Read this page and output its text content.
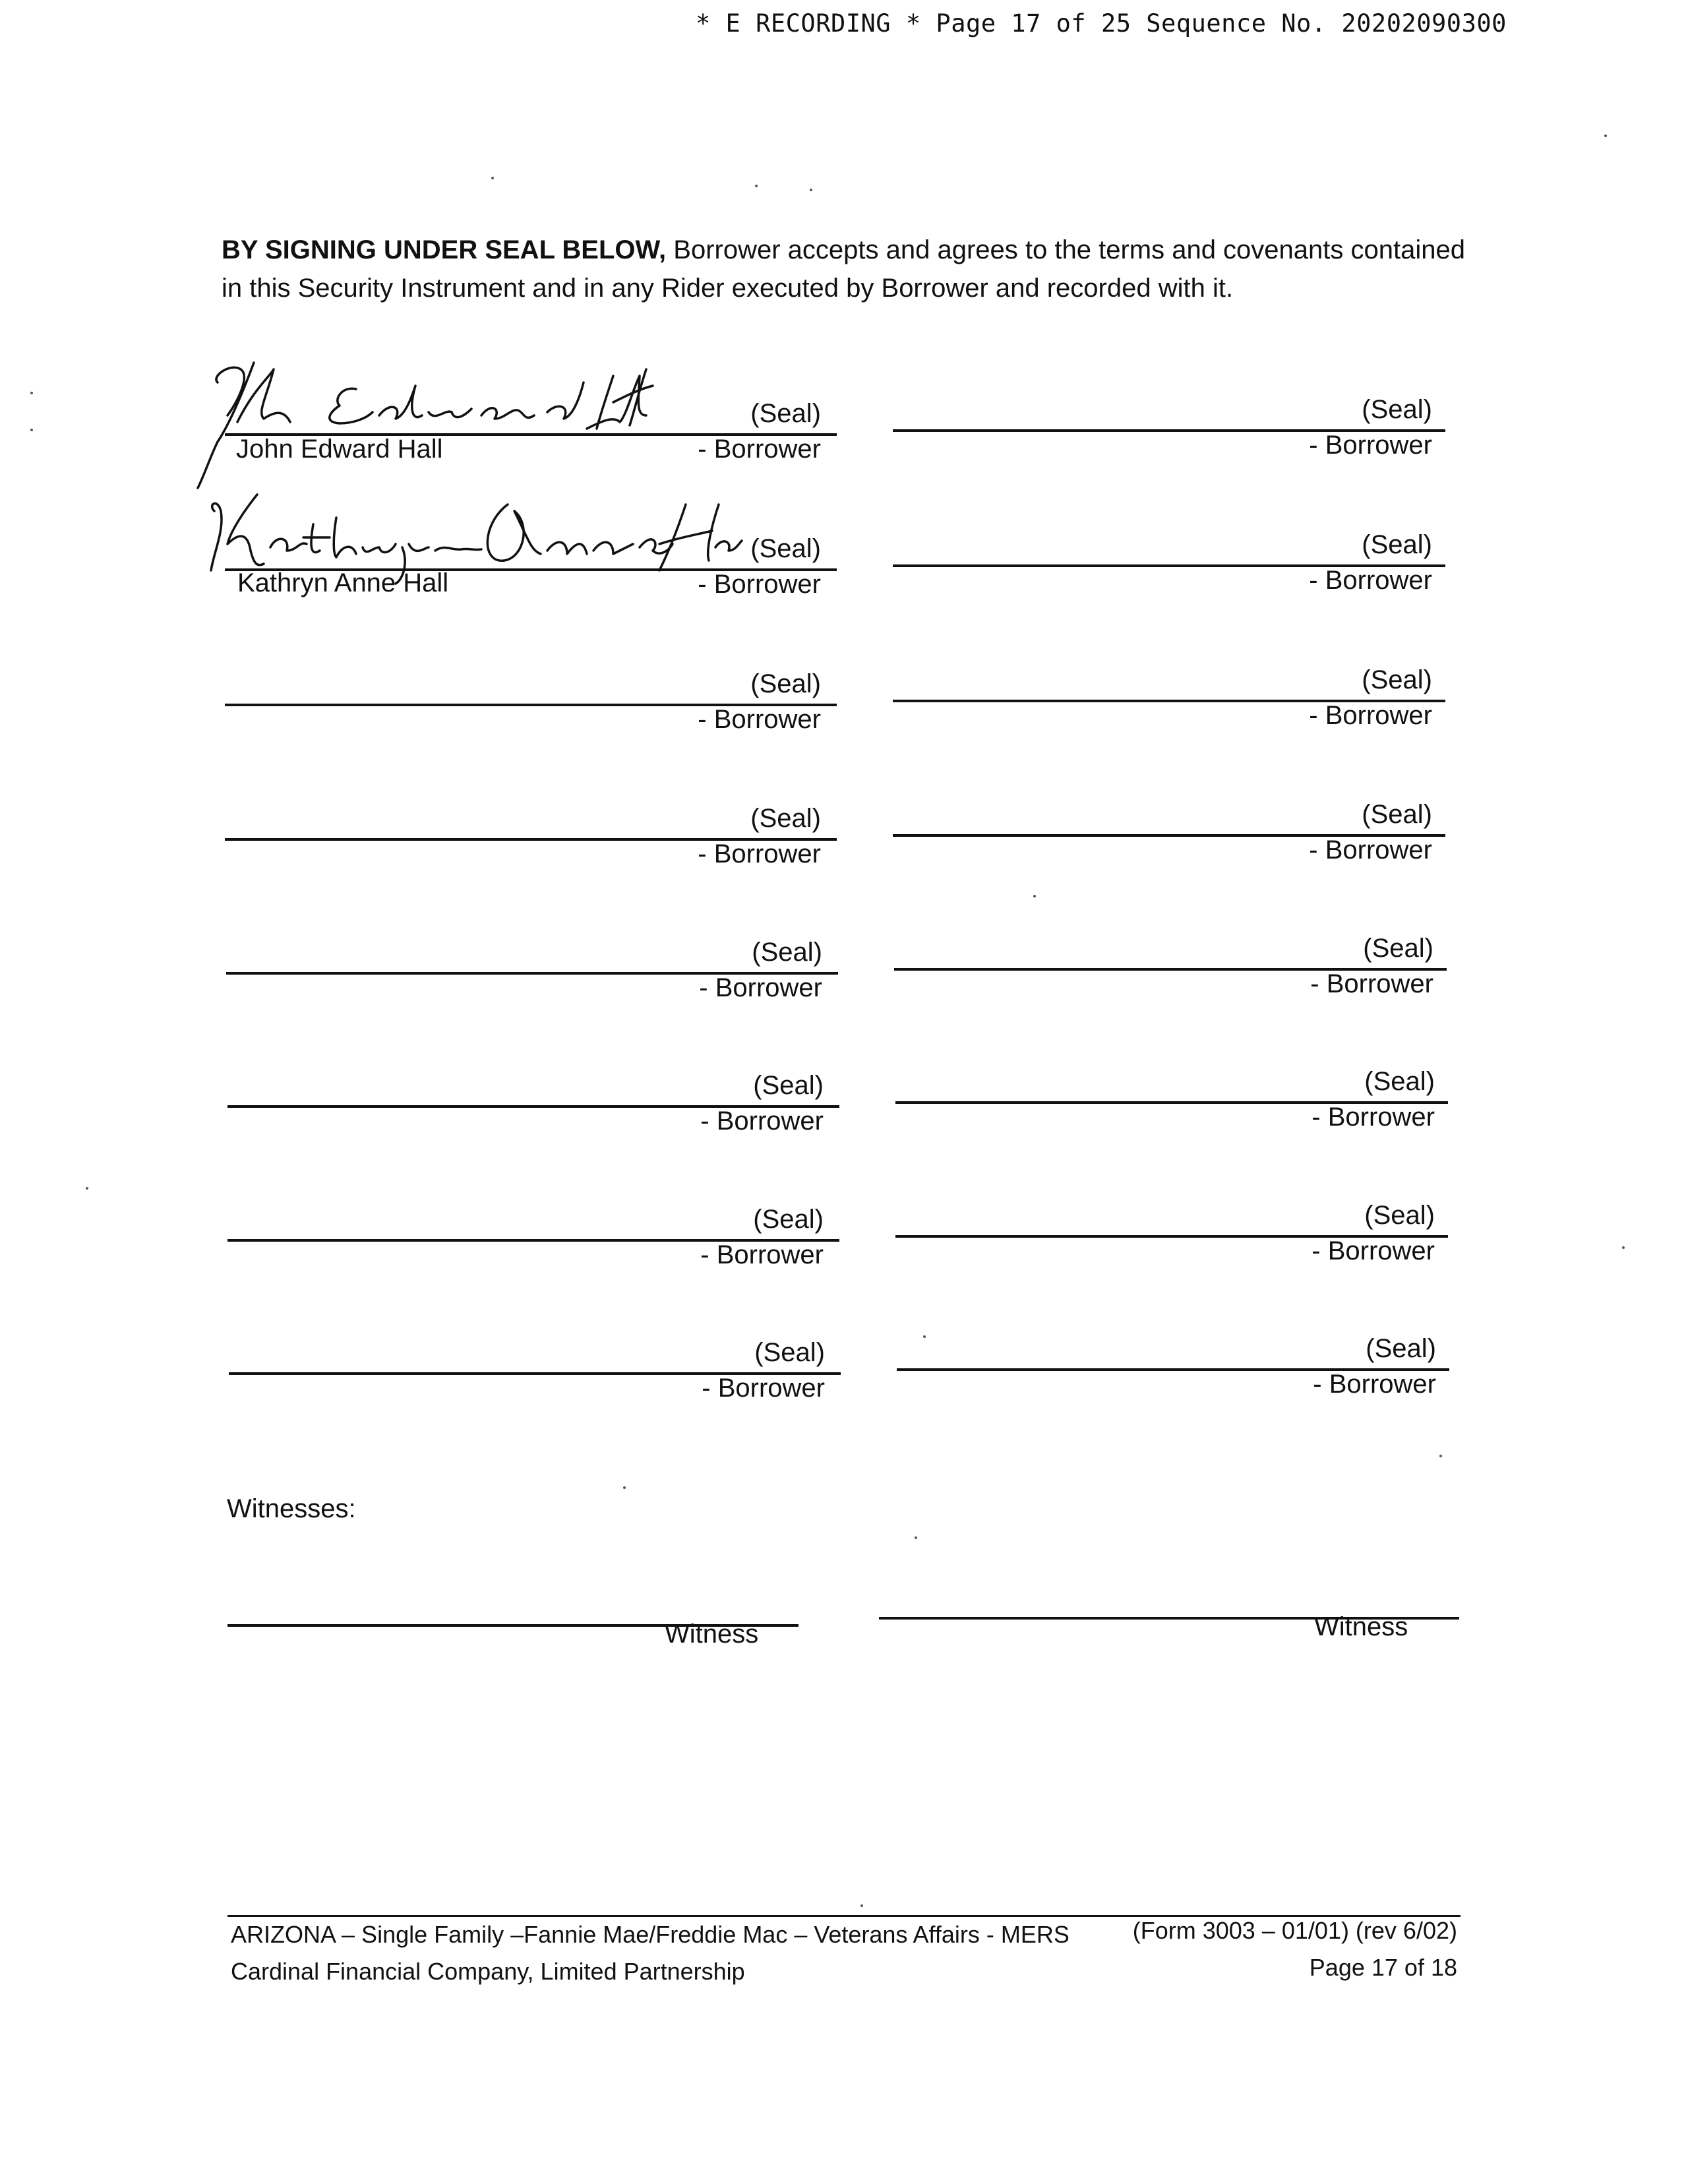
* E RECORDING * Page 17 of 25 Sequence No. 20202090300
BY SIGNING UNDER SEAL BELOW, Borrower accepts and agrees to the terms and covenants contained
in this Security Instrument and in any Rider executed by Borrower and recorded with it.
(Seal)
- Borrower
John Edward Hall
(Seal)
- Borrower
(Seal)
- Borrower
Kathryn Anne Hall
(Seal)
- Borrower
(Seal)
- Borrower
(Seal)
- Borrower
(Seal)
- Borrower
(Seal)
- Borrower
(Seal)
- Borrower
(Seal)
- Borrower
(Seal)
- Borrower
(Seal)
- Borrower
(Seal)
- Borrower
(Seal)
- Borrower
(Seal)
- Borrower
(Seal)
- Borrower
Witnesses:
Witness	Witness
ARIZONA – Single Family –Fannie Mae/Freddie Mac – Veterans Affairs - MERS
Cardinal Financial Company, Limited Partnership
(Form 3003 – 01/01) (rev 6/02)
Page 17 of 18
